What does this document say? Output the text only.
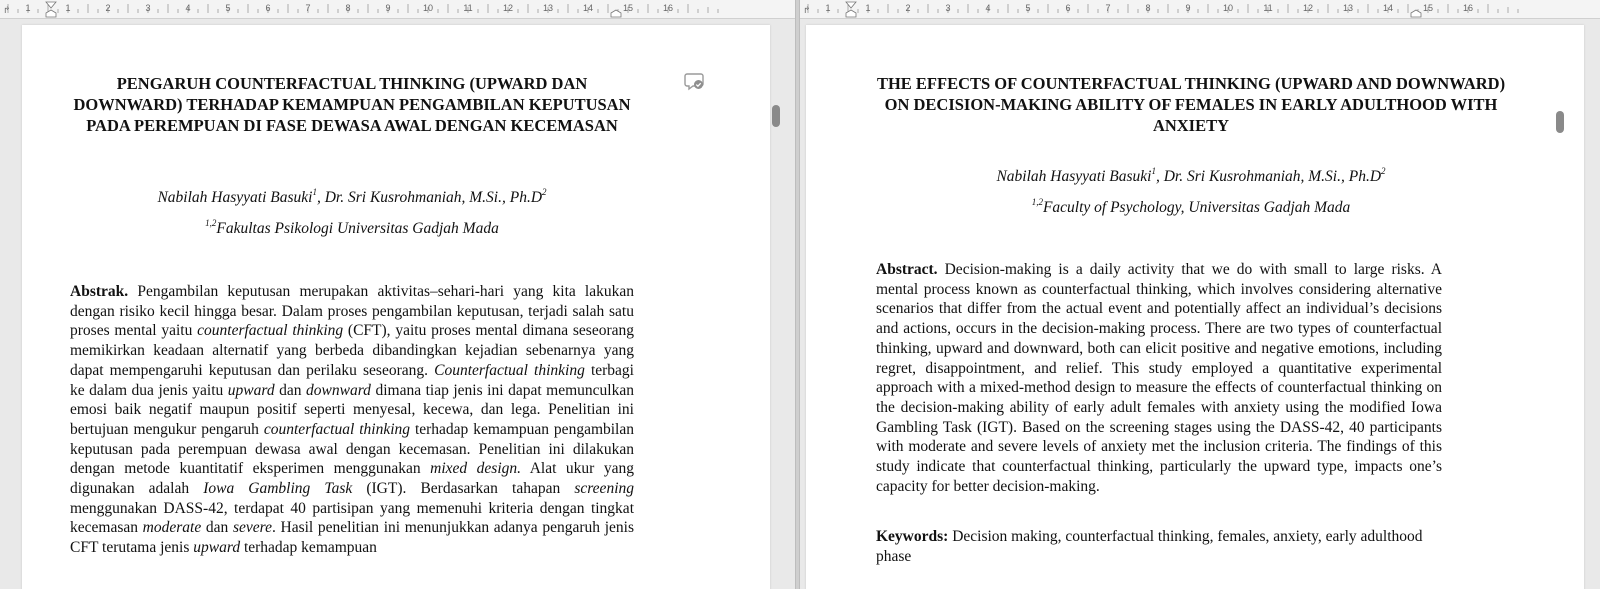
↱ 1	1	2	3	4	5	6	7	8	9	10	11	12	13	14	15	16
PENGARUH COUNTERFACTUAL THINKING (UPWARD DAN DOWNWARD) TERHADAP KEMAMPUAN PENGAMBILAN KEPUTUSAN PADA PEREMPUAN DI FASE DEWASA AWAL DENGAN KECEMASAN
Nabilah Hasyyati Basuki$^1$, Dr. Sri Kusrohmaniah, M.Si., $Ph.D^2$
$^{1,2}$Fakultas Psikologi Universitas Gadjah Mada
Abstrak. Pengambilan keputusan merupakan aktivitas–sehari-hari yang kita lakukan dengan risiko kecil hingga besar. Dalam proses pengambilan keputusan, terjadi salah satu proses mental yaitu counterfactual thinking (CFT), yaitu proses mental dimana seseorang memikirkan keadaan alternatif yang berbeda dibandingkan kejadian sebenarnya yang dapat mempengaruhi keputusan dan perilaku seseorang. Counterfactual thinking terbagi ke dalam dua jenis yaitu upward dan downward dimana tiap jenis ini dapat memunculkan emosi baik negatif maupun positif seperti menyesal, kecewa, dan lega. Penelitian ini bertujuan mengukur pengaruh counterfactual thinking terhadap kemampuan pengambilan keputusan pada perempuan dewasa awal dengan kecemasan. Penelitian ini dilakukan dengan metode kuantitatif eksperimen menggunakan mixed design. Alat ukur yang digunakan adalah Iowa Gambling Task (IGT). Berdasarkan tahapan screening menggunakan DASS-42, terdapat 40 partisipan yang memenuhi kriteria dengan tingkat kecemasan moderate dan severe. Hasil penelitian ini menunjukkan adanya pengaruh jenis CFT terutama jenis upward terhadap kemampuan
↱ 1	1	2	3	4	5	6	7	8	9	10	11	12	13	14	15	16
THE EFFECTS OF COUNTERFACTUAL THINKING (UPWARD AND DOWNWARD) ON DECISION-MAKING ABILITY OF FEMALES IN EARLY ADULTHOOD WITH ANXIETY
Nabilah Hasyyati Basuki$^1$, Dr. Sri Kusrohmaniah, M.Si., $Ph.D^2$
$^{1,2}$Faculty of Psychology, Universitas Gadjah Mada
Abstract. Decision-making is a daily activity that we do with small to large risks. A mental process known as counterfactual thinking, which involves considering alternative scenarios that differ from the actual event and potentially affect an individual’s decisions and actions, occurs in the decision-making process. There are two types of counterfactual thinking, upward and downward, both can elicit positive and negative emotions, including regret, disappointment, and relief. This study employed a quantitative experimental approach with a mixed-method design to measure the effects of counterfactual thinking on the decision-making ability of early adult females with anxiety using the modified Iowa Gambling Task (IGT). Based on the screening stages using the DASS-42, 40 participants with moderate and severe levels of anxiety met the inclusion criteria. The findings of this study indicate that counterfactual thinking, particularly the upward type, impacts one’s capacity for better decision-making.
Keywords: Decision making, counterfactual thinking, females, anxiety, early adulthood phase
